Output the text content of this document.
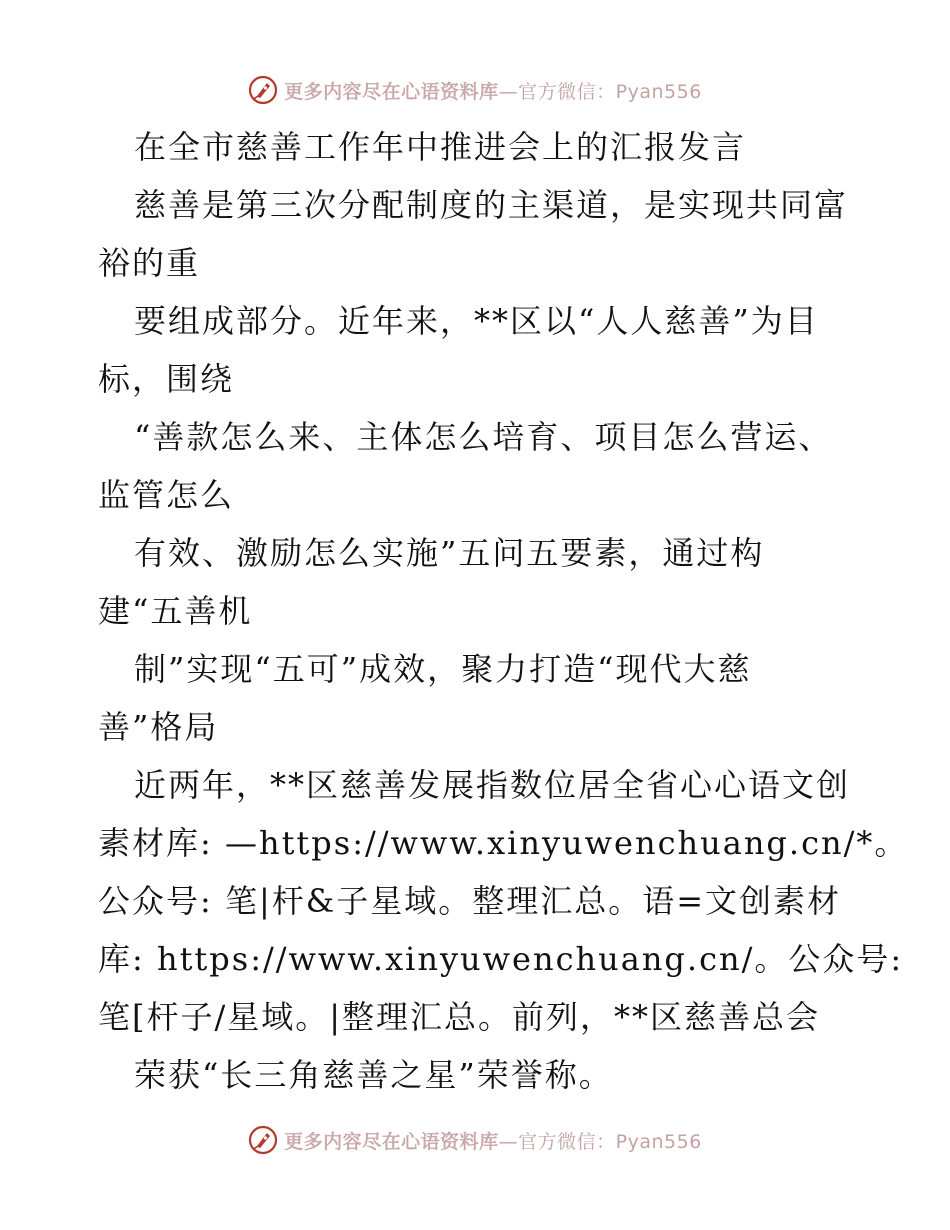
更多内容尽在心语资料库—官方微信：Pyan556
在全市慈善工作年中推进会上的汇报发言
慈善是第三次分配制度的主渠道，是实现共同富
裕的重
要组成部分。近年来，**区以“人人慈善”为目
标，围绕
“善款怎么来、主体怎么培育、项目怎么营运、
监管怎么
有效、激励怎么实施”五问五要素，通过构
建“五善机
制”实现“五可”成效，聚力打造“现代大慈
善”格局
近两年，**区慈善发展指数位居全省心心语文创
素材库: —https://www.xinyuwenchuang.cn/*。
公众号: 笔|杆&子星域。整理汇总。语=文创素材
库: https://www.xinyuwenchuang.cn/。公众号:
笔[杆子/星域。|整理汇总。前列，**区慈善总会
荣获“长三角慈善之星”荣誉称。
更多内容尽在心语资料库—官方微信：Pyan556
